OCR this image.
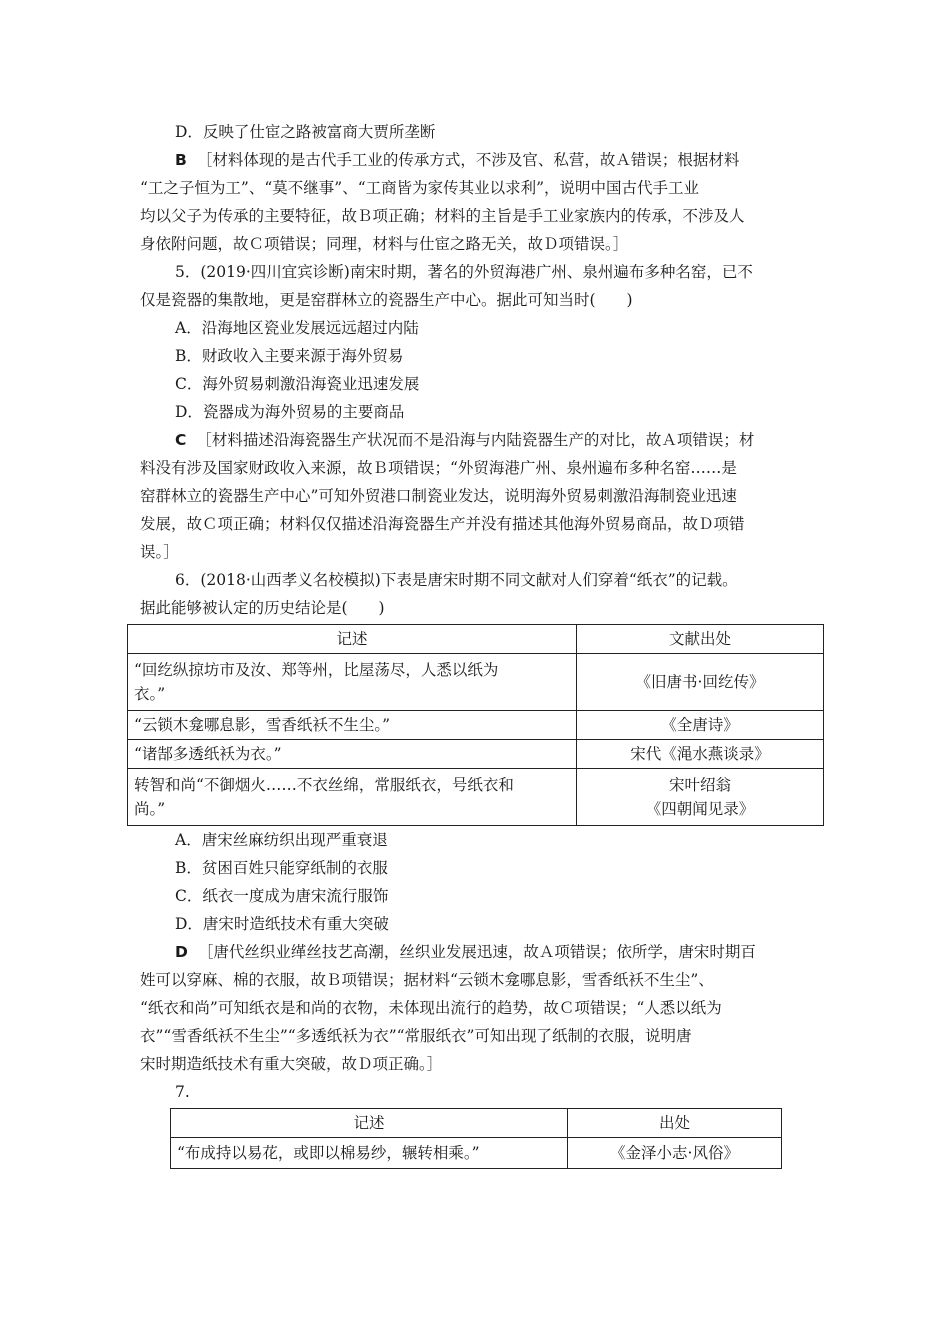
D．反映了仕宦之路被富商大贾所垄断
B ［材料体现的是古代手工业的传承方式，不涉及官、私营，故Ａ错误；根据材料
“工之子恒为工”、“莫不继事”、“工商皆为家传其业以求利”，说明中国古代手工业
均以父子为传承的主要特征，故Ｂ项正确；材料的主旨是手工业家族内的传承，不涉及人
身依附问题，故Ｃ项错误；同理，材料与仕宦之路无关，故Ｄ项错误。］
5．(2019·四川宜宾诊断)南宋时期，著名的外贸海港广州、泉州遍布多种名窑，已不
仅是瓷器的集散地，更是窑群林立的瓷器生产中心。据此可知当时(　　)
A．沿海地区瓷业发展远远超过内陆
B．财政收入主要来源于海外贸易
C．海外贸易刺激沿海瓷业迅速发展
D．瓷器成为海外贸易的主要商品
C ［材料描述沿海瓷器生产状况而不是沿海与内陆瓷器生产的对比，故Ａ项错误；材
料没有涉及国家财政收入来源，故Ｂ项错误；“外贸海港广州、泉州遍布多种名窑……是
窑群林立的瓷器生产中心”可知外贸港口制瓷业发达，说明海外贸易刺激沿海制瓷业迅速
发展，故Ｃ项正确；材料仅仅描述沿海瓷器生产并没有描述其他海外贸易商品，故Ｄ项错
误。］
6．(2018·山西孝义名校模拟)下表是唐宋时期不同文献对人们穿着“纸衣”的记载。
据此能够被认定的历史结论是(　　)
记述	文献出处
“回纥纵掠坊市及汝、郑等州，比屋荡尽，人悉以纸为
衣。”	《旧唐书·回纥传》
“云锁木龛哪息影，雪香纸袄不生尘。”	《全唐诗》
“诸郜多透纸袄为衣。”	宋代《渑水燕谈录》
转智和尚“不御烟火……不衣丝绵，常服纸衣，号纸衣和
尚。”	宋叶绍翁
《四朝闻见录》
A．唐宋丝麻纺织出现严重衰退
B．贫困百姓只能穿纸制的衣服
C．纸衣一度成为唐宋流行服饰
D．唐宋时造纸技术有重大突破
D ［唐代丝织业缂丝技艺高潮，丝织业发展迅速，故Ａ项错误；依所学，唐宋时期百
姓可以穿麻、棉的衣服，故Ｂ项错误；据材料“云锁木龛哪息影，雪香纸袄不生尘”、
“纸衣和尚”可知纸衣是和尚的衣物，未体现出流行的趋势，故Ｃ项错误；“人悉以纸为
衣”“雪香纸袄不生尘”“多透纸袄为衣”“常服纸衣”可知出现了纸制的衣服，说明唐
宋时期造纸技术有重大突破，故Ｄ项正确。］
7.
记述	出处
“布成持以易花，或即以棉易纱，辗转相乘。”	《金泽小志·风俗》
